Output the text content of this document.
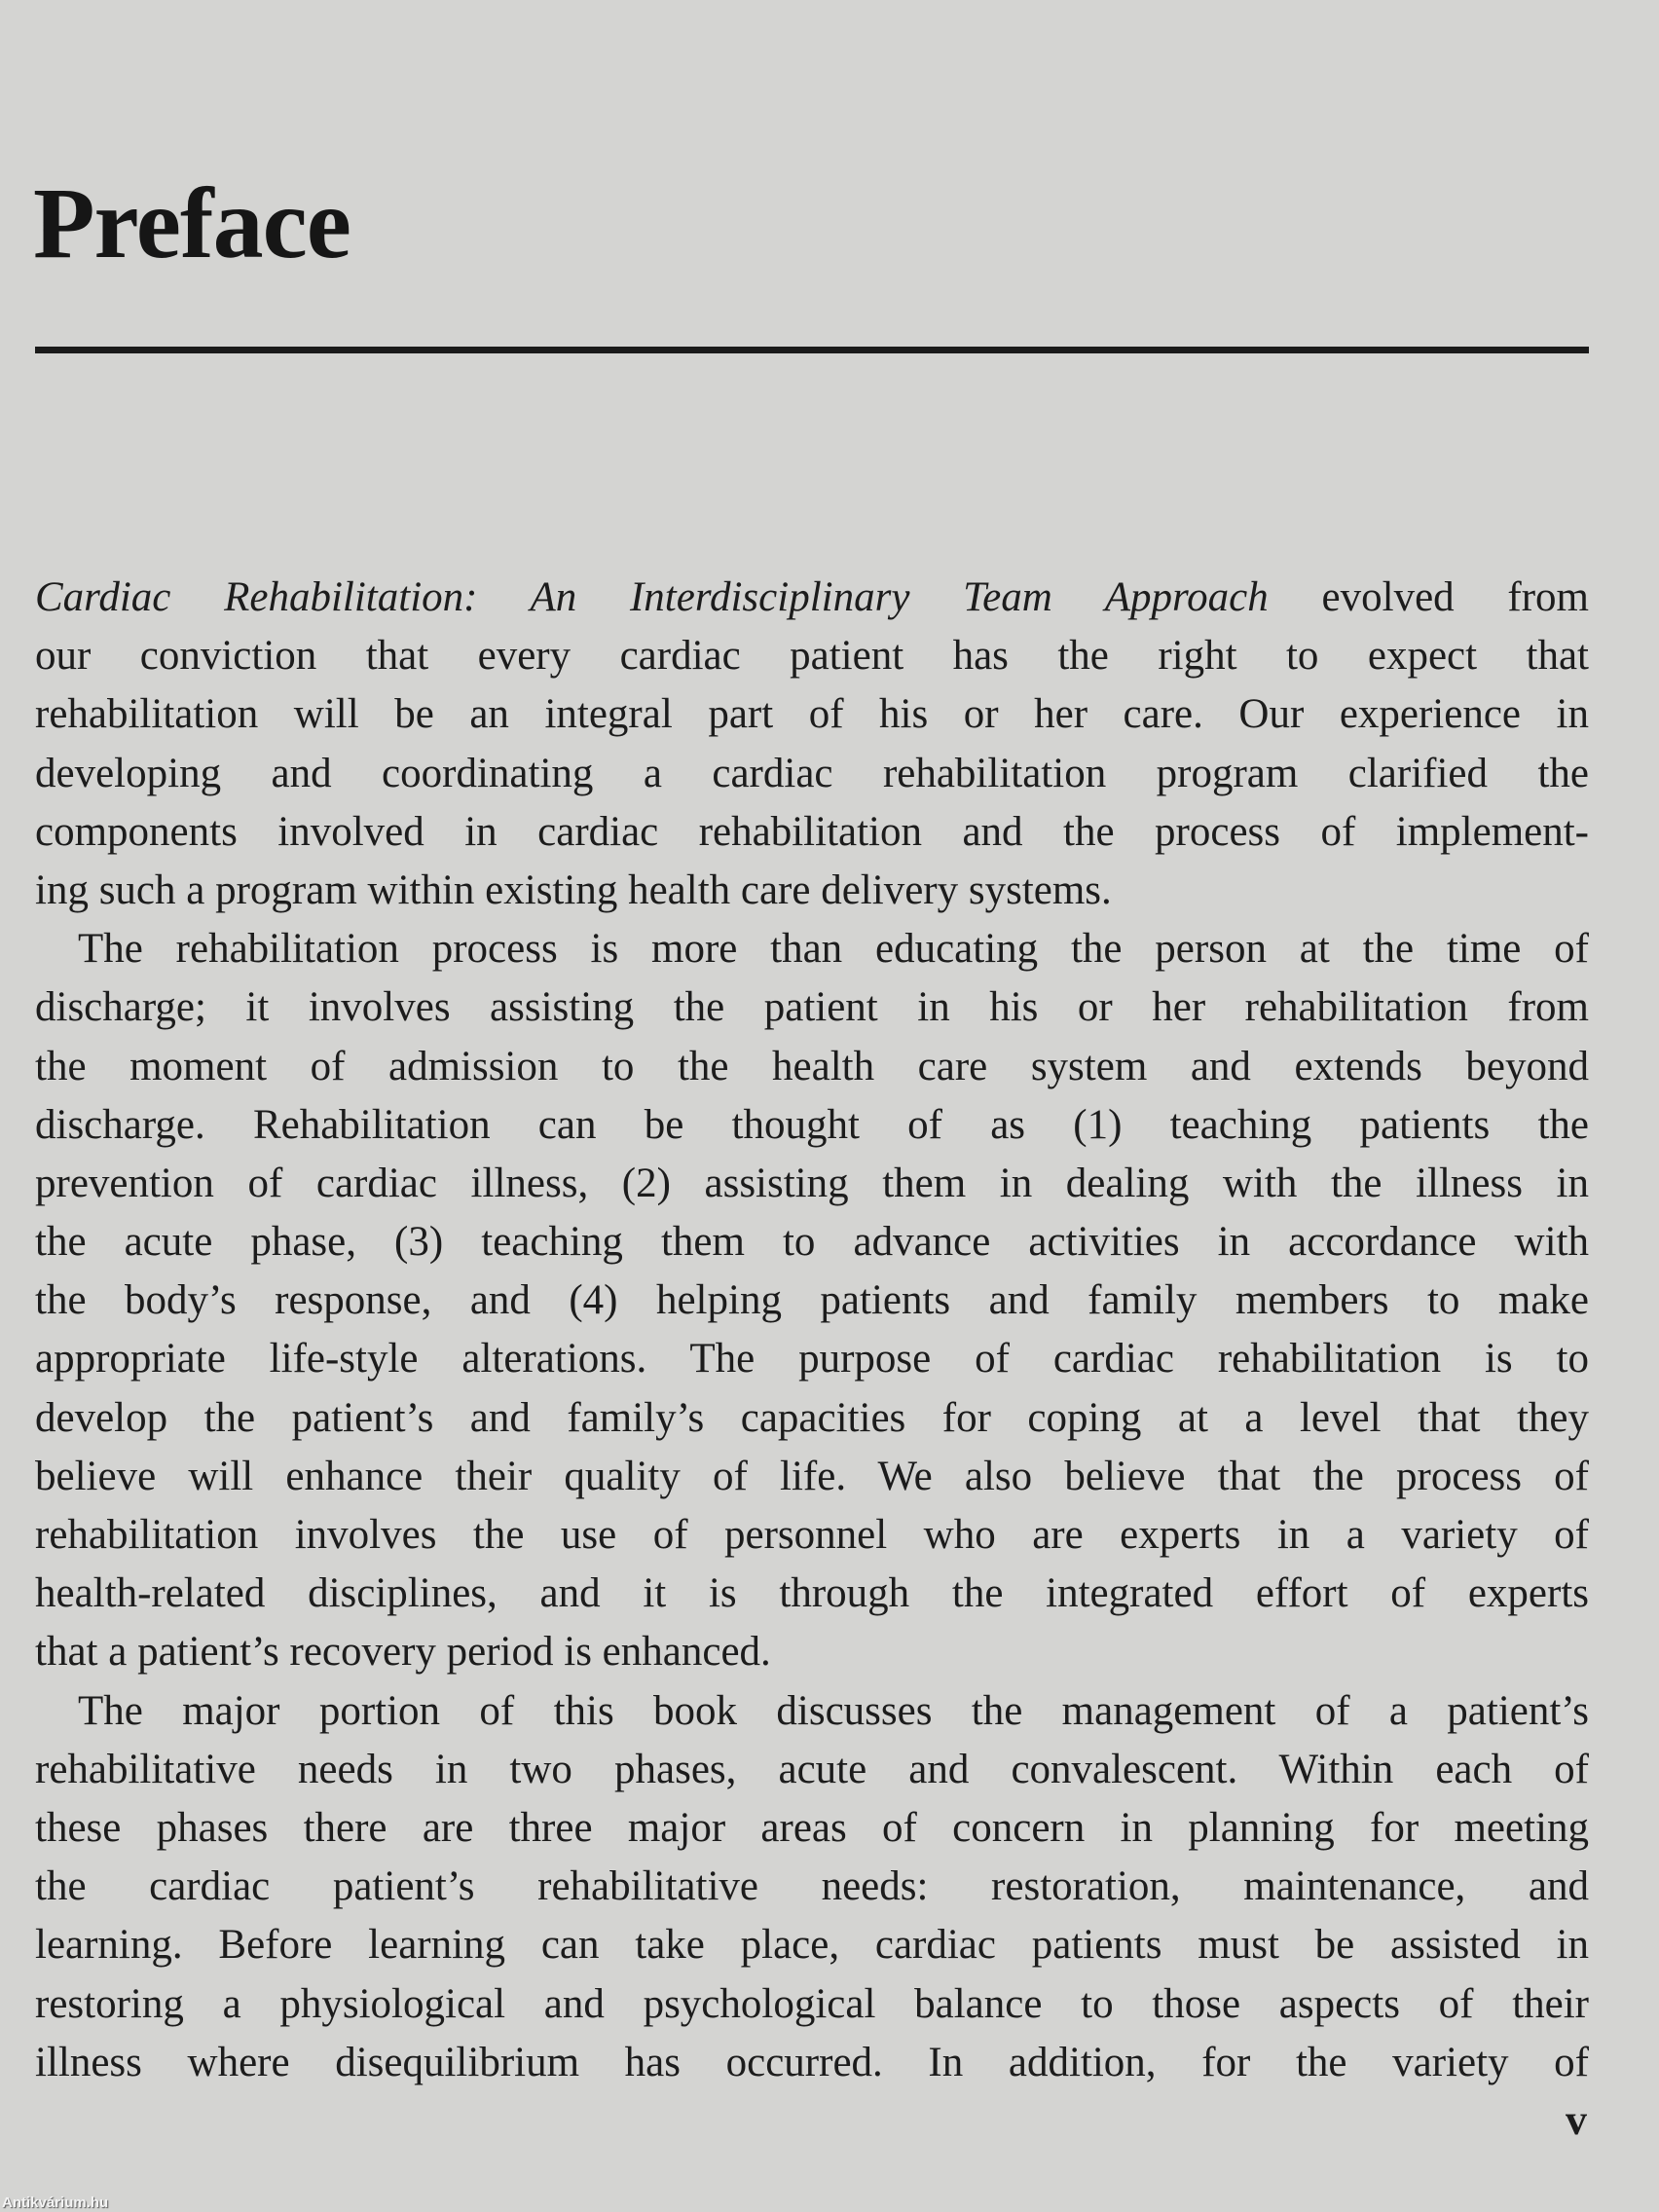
Preface
Cardiac Rehabilitation: An Interdisciplinary Team Approach evolved from
our conviction that every cardiac patient has the right to expect that
rehabilitation will be an integral part of his or her care. Our experience in
developing and coordinating a cardiac rehabilitation program clarified the
components involved in cardiac rehabilitation and the process of implement-
ing such a program within existing health care delivery systems.
The rehabilitation process is more than educating the person at the time of
discharge; it involves assisting the patient in his or her rehabilitation from
the moment of admission to the health care system and extends beyond
discharge. Rehabilitation can be thought of as (1) teaching patients the
prevention of cardiac illness, (2) assisting them in dealing with the illness in
the acute phase, (3) teaching them to advance activities in accordance with
the body’s response, and (4) helping patients and family members to make
appropriate life-style alterations. The purpose of cardiac rehabilitation is to
develop the patient’s and family’s capacities for coping at a level that they
believe will enhance their quality of life. We also believe that the process of
rehabilitation involves the use of personnel who are experts in a variety of
health-related disciplines, and it is through the integrated effort of experts
that a patient’s recovery period is enhanced.
The major portion of this book discusses the management of a patient’s
rehabilitative needs in two phases, acute and convalescent. Within each of
these phases there are three major areas of concern in planning for meeting
the cardiac patient’s rehabilitative needs: restoration, maintenance, and
learning. Before learning can take place, cardiac patients must be assisted in
restoring a physiological and psychological balance to those aspects of their
illness where disequilibrium has occurred. In addition, for the variety of
v
Antikvárium.hu
